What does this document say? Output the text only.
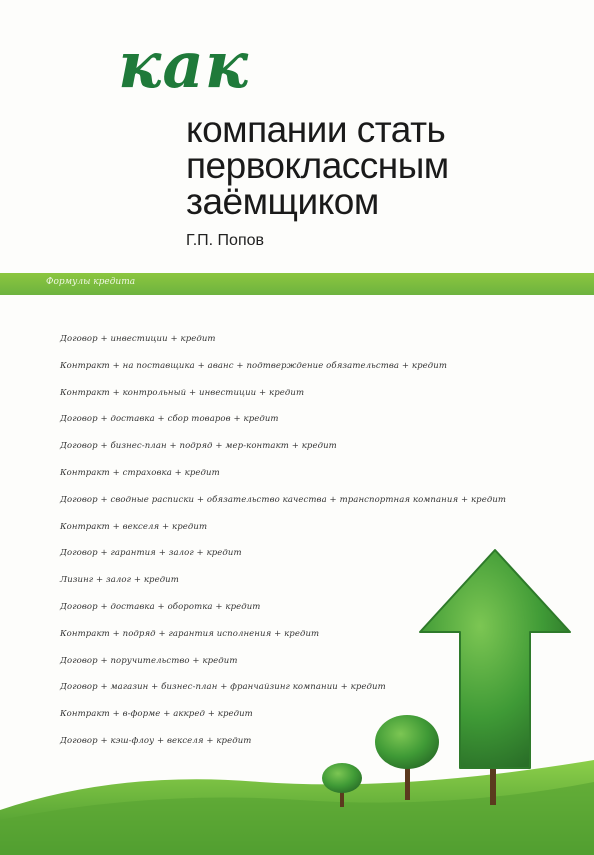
как
компании стать
первоклассным
заёмщиком
Г.П. Попов
Формулы кредита
Договор + инвестиции + кредит
Контракт + на поставщика + аванс + подтверждение обязательства + кредит
Контракт + контрольный + инвестиции + кредит
Договор + доставка + сбор товаров + кредит
Договор + бизнес-план + подряд + мер-контакт + кредит
Контракт + страховка + кредит
Договор + сводные расписки + обязательство качества + транспортная компания + кредит
Контракт + векселя + кредит
Договор + гарантия + залог + кредит
Лизинг + залог + кредит
Договор + доставка + оборотка + кредит
Контракт + подряд + гарантия исполнения + кредит
Договор + поручительство + кредит
Договор + магазин + бизнес-план + франчайзинг компании + кредит
Контракт + в-форме + аккред + кредит
Договор + кэш-флоу + векселя + кредит
